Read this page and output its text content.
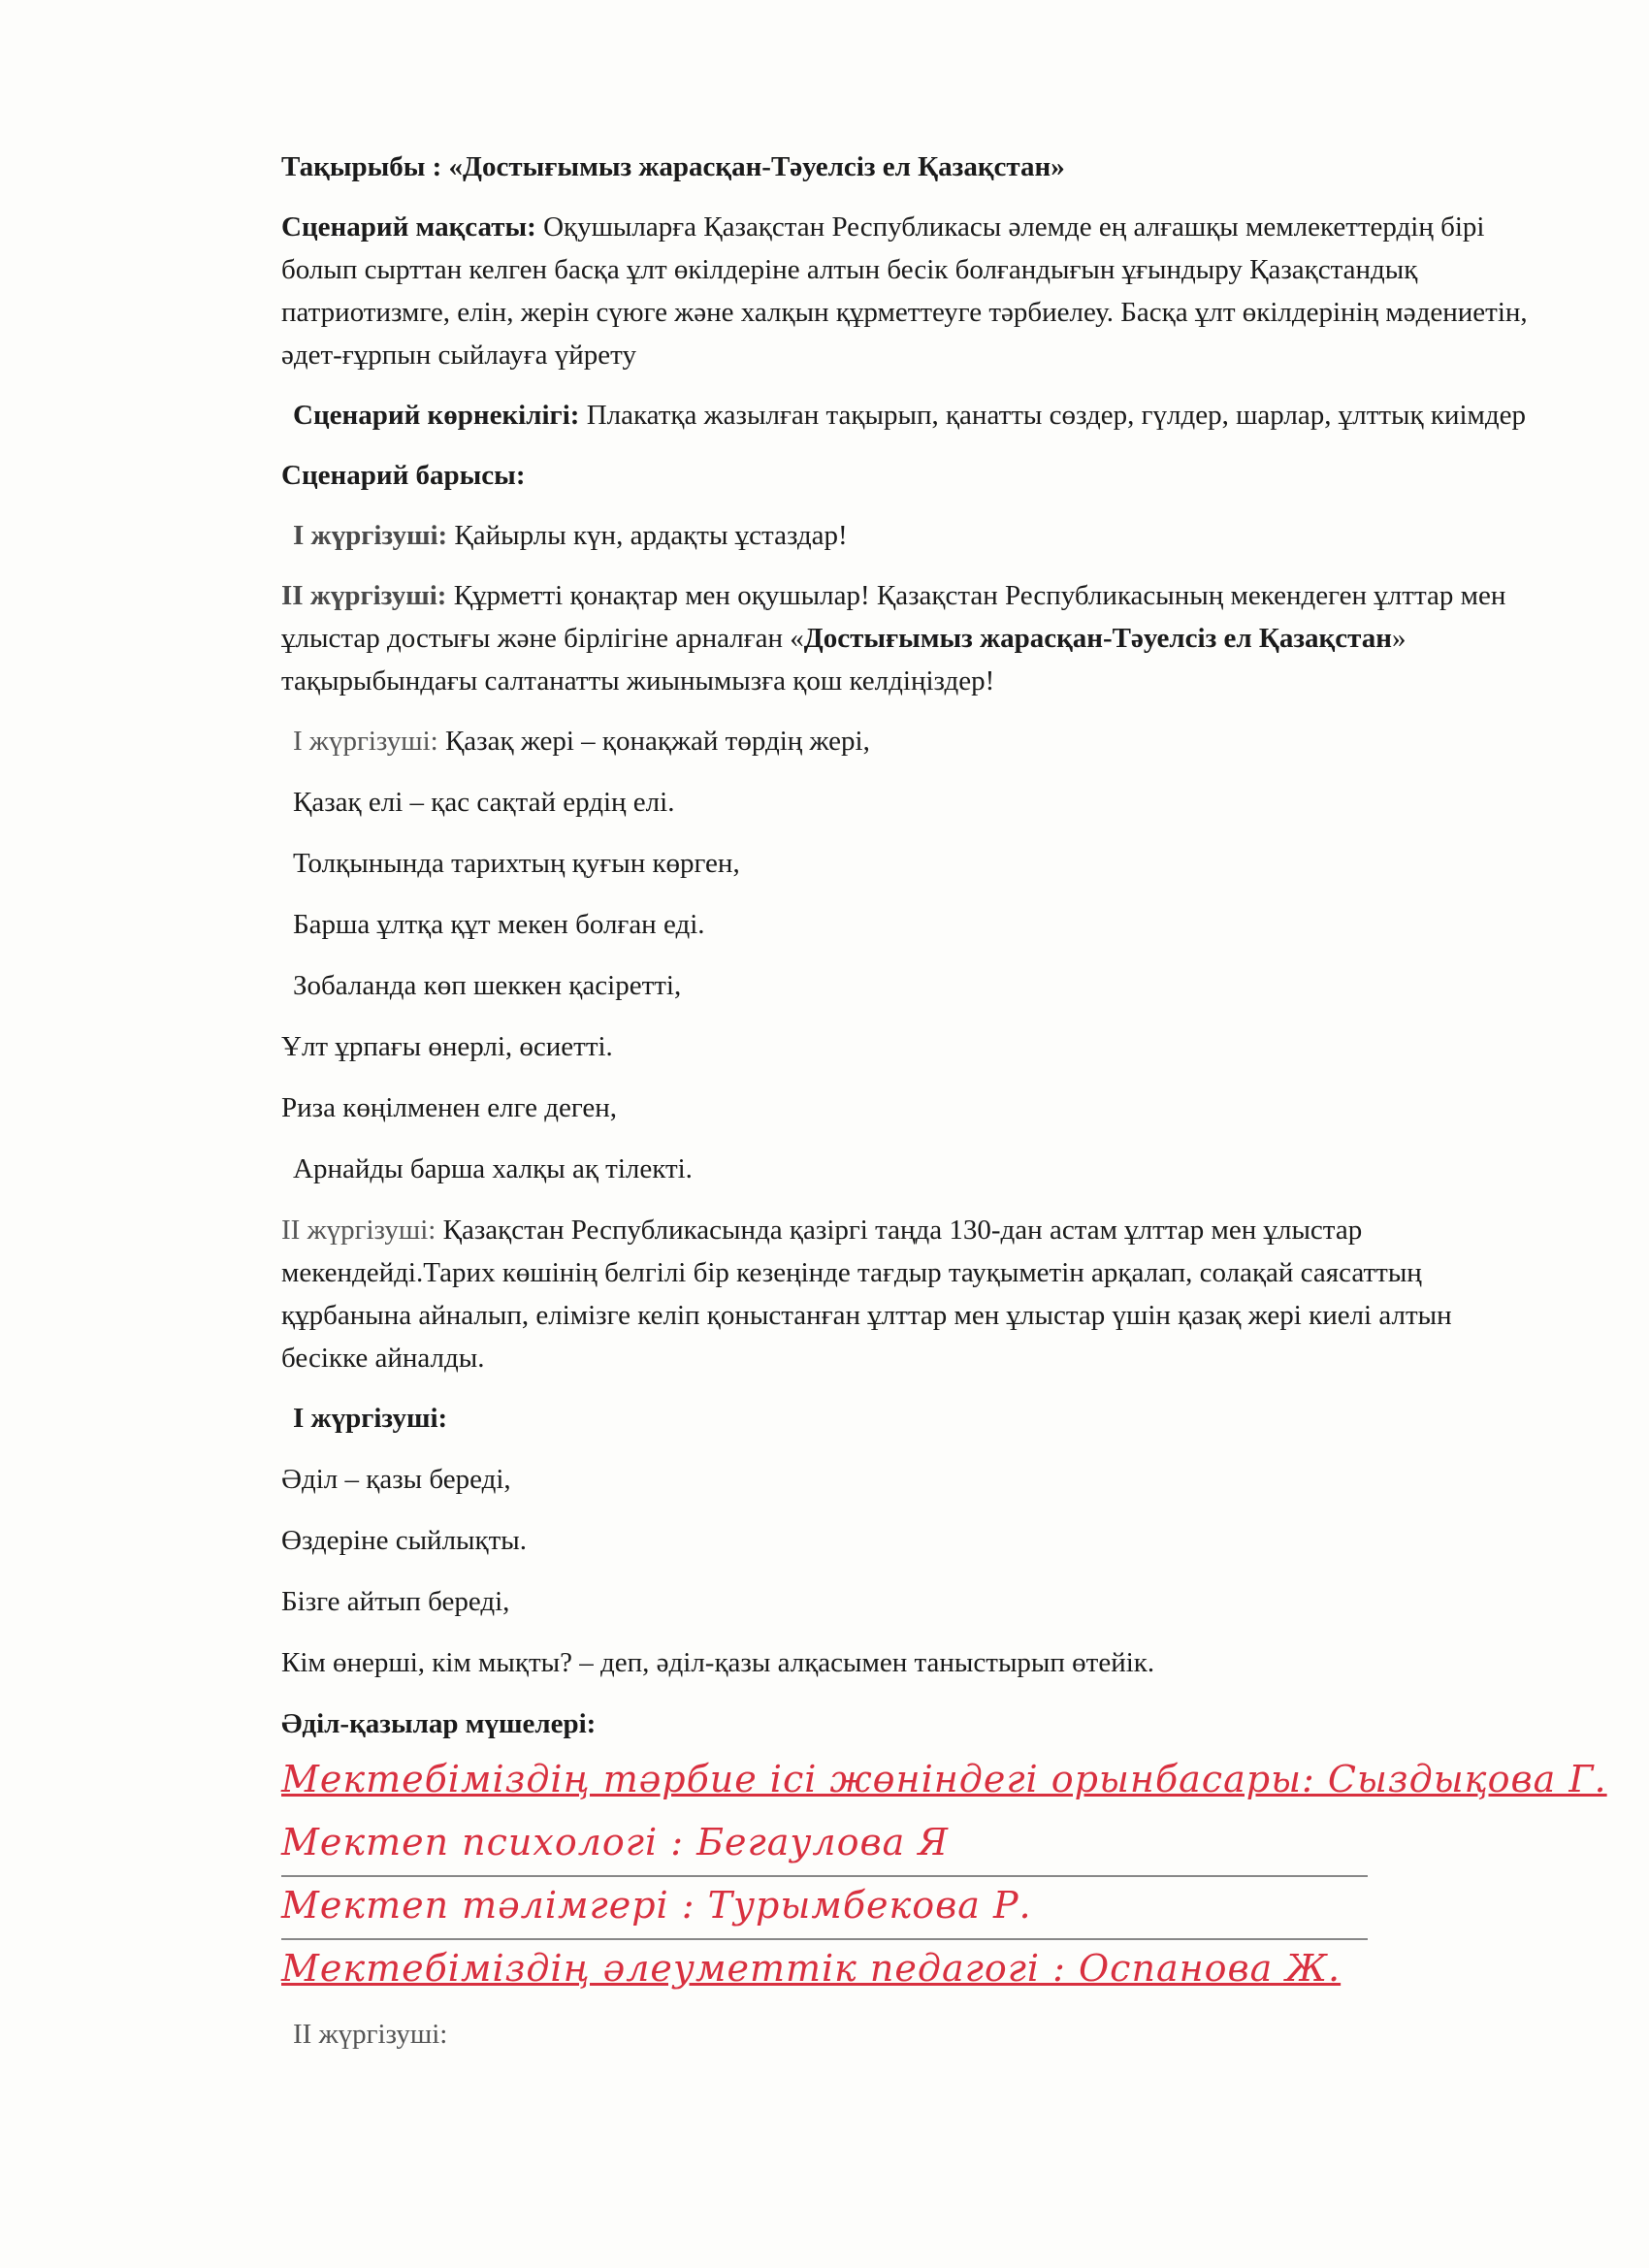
Тақырыбы : «Достығымыз жарасқан-Тәуелсіз ел Қазақстан»

Сценарий мақсаты: Оқушыларға Қазақстан Республикасы әлемде ең алғашқы мемлекеттердің бірі болып сырттан келген басқа ұлт өкілдеріне алтын бесік болғандығын ұғындыру Қазақстандық патриотизмге, елін, жерін сүюге және халқын құрметтеуге тәрбиелеу. Басқа ұлт өкілдерінің мәдениетін, әдет-ғұрпын сыйлауға үйрету

Сценарий көрнекілігі: Плакатқа жазылған тақырып, қанатты сөздер, гүлдер, шарлар, ұлттық киімдер

Сценарий барысы:

І жүргізуші: Қайырлы күн, ардақты ұстаздар!

ІІ жүргізуші: Құрметті қонақтар мен оқушылар! Қазақстан Республикасының мекендеген ұлттар мен ұлыстар достығы және бірлігіне арналған «Достығымыз жарасқан-Тәуелсіз ел Қазақстан» тақырыбындағы салтанатты жиынымызға қош келдіңіздер!

І жүргізуші: Қазақ жері – қонақжай төрдің жері,

Қазақ елі – қас сақтай ердің елі.

Толқынында тарихтың қуғын көрген,

Барша ұлтқа құт мекен болған еді.

Зобаланда көп шеккен қасіретті,

Ұлт ұрпағы өнерлі, өсиетті.

Риза көңілменен елге деген,

Арнайды барша халқы ақ тілекті.

ІІ жүргізуші: Қазақстан Республикасында қазіргі таңда 130-дан астам ұлттар мен ұлыстар мекендейді.Тарих көшінің белгілі бір кезеңінде тағдыр тауқыметін арқалап, солақай саясаттың құрбанына айналып, елімізге келіп қоныстанған ұлттар мен ұлыстар үшін қазақ жері киелі алтын бесікке айналды.

І жүргізуші:

Әділ – қазы береді,

Өздеріне сыйлықты.

Бізге айтып береді,

Кім өнерші, кім мықты? – деп, әділ-қазы алқасымен таныстырып өтейік.

Әділ-қазылар мүшелері:

Мектебіміздің тәрбие ісі жөніндегі орынбасары: Сыздықова Г.
Мектеп психологі : Бегаулова Я
Мектеп тәлімгері : Турымбекова Р.
Мектебіміздің әлеуметтік педагогі : Оспанова Ж.

ІІ жүргізуші:
